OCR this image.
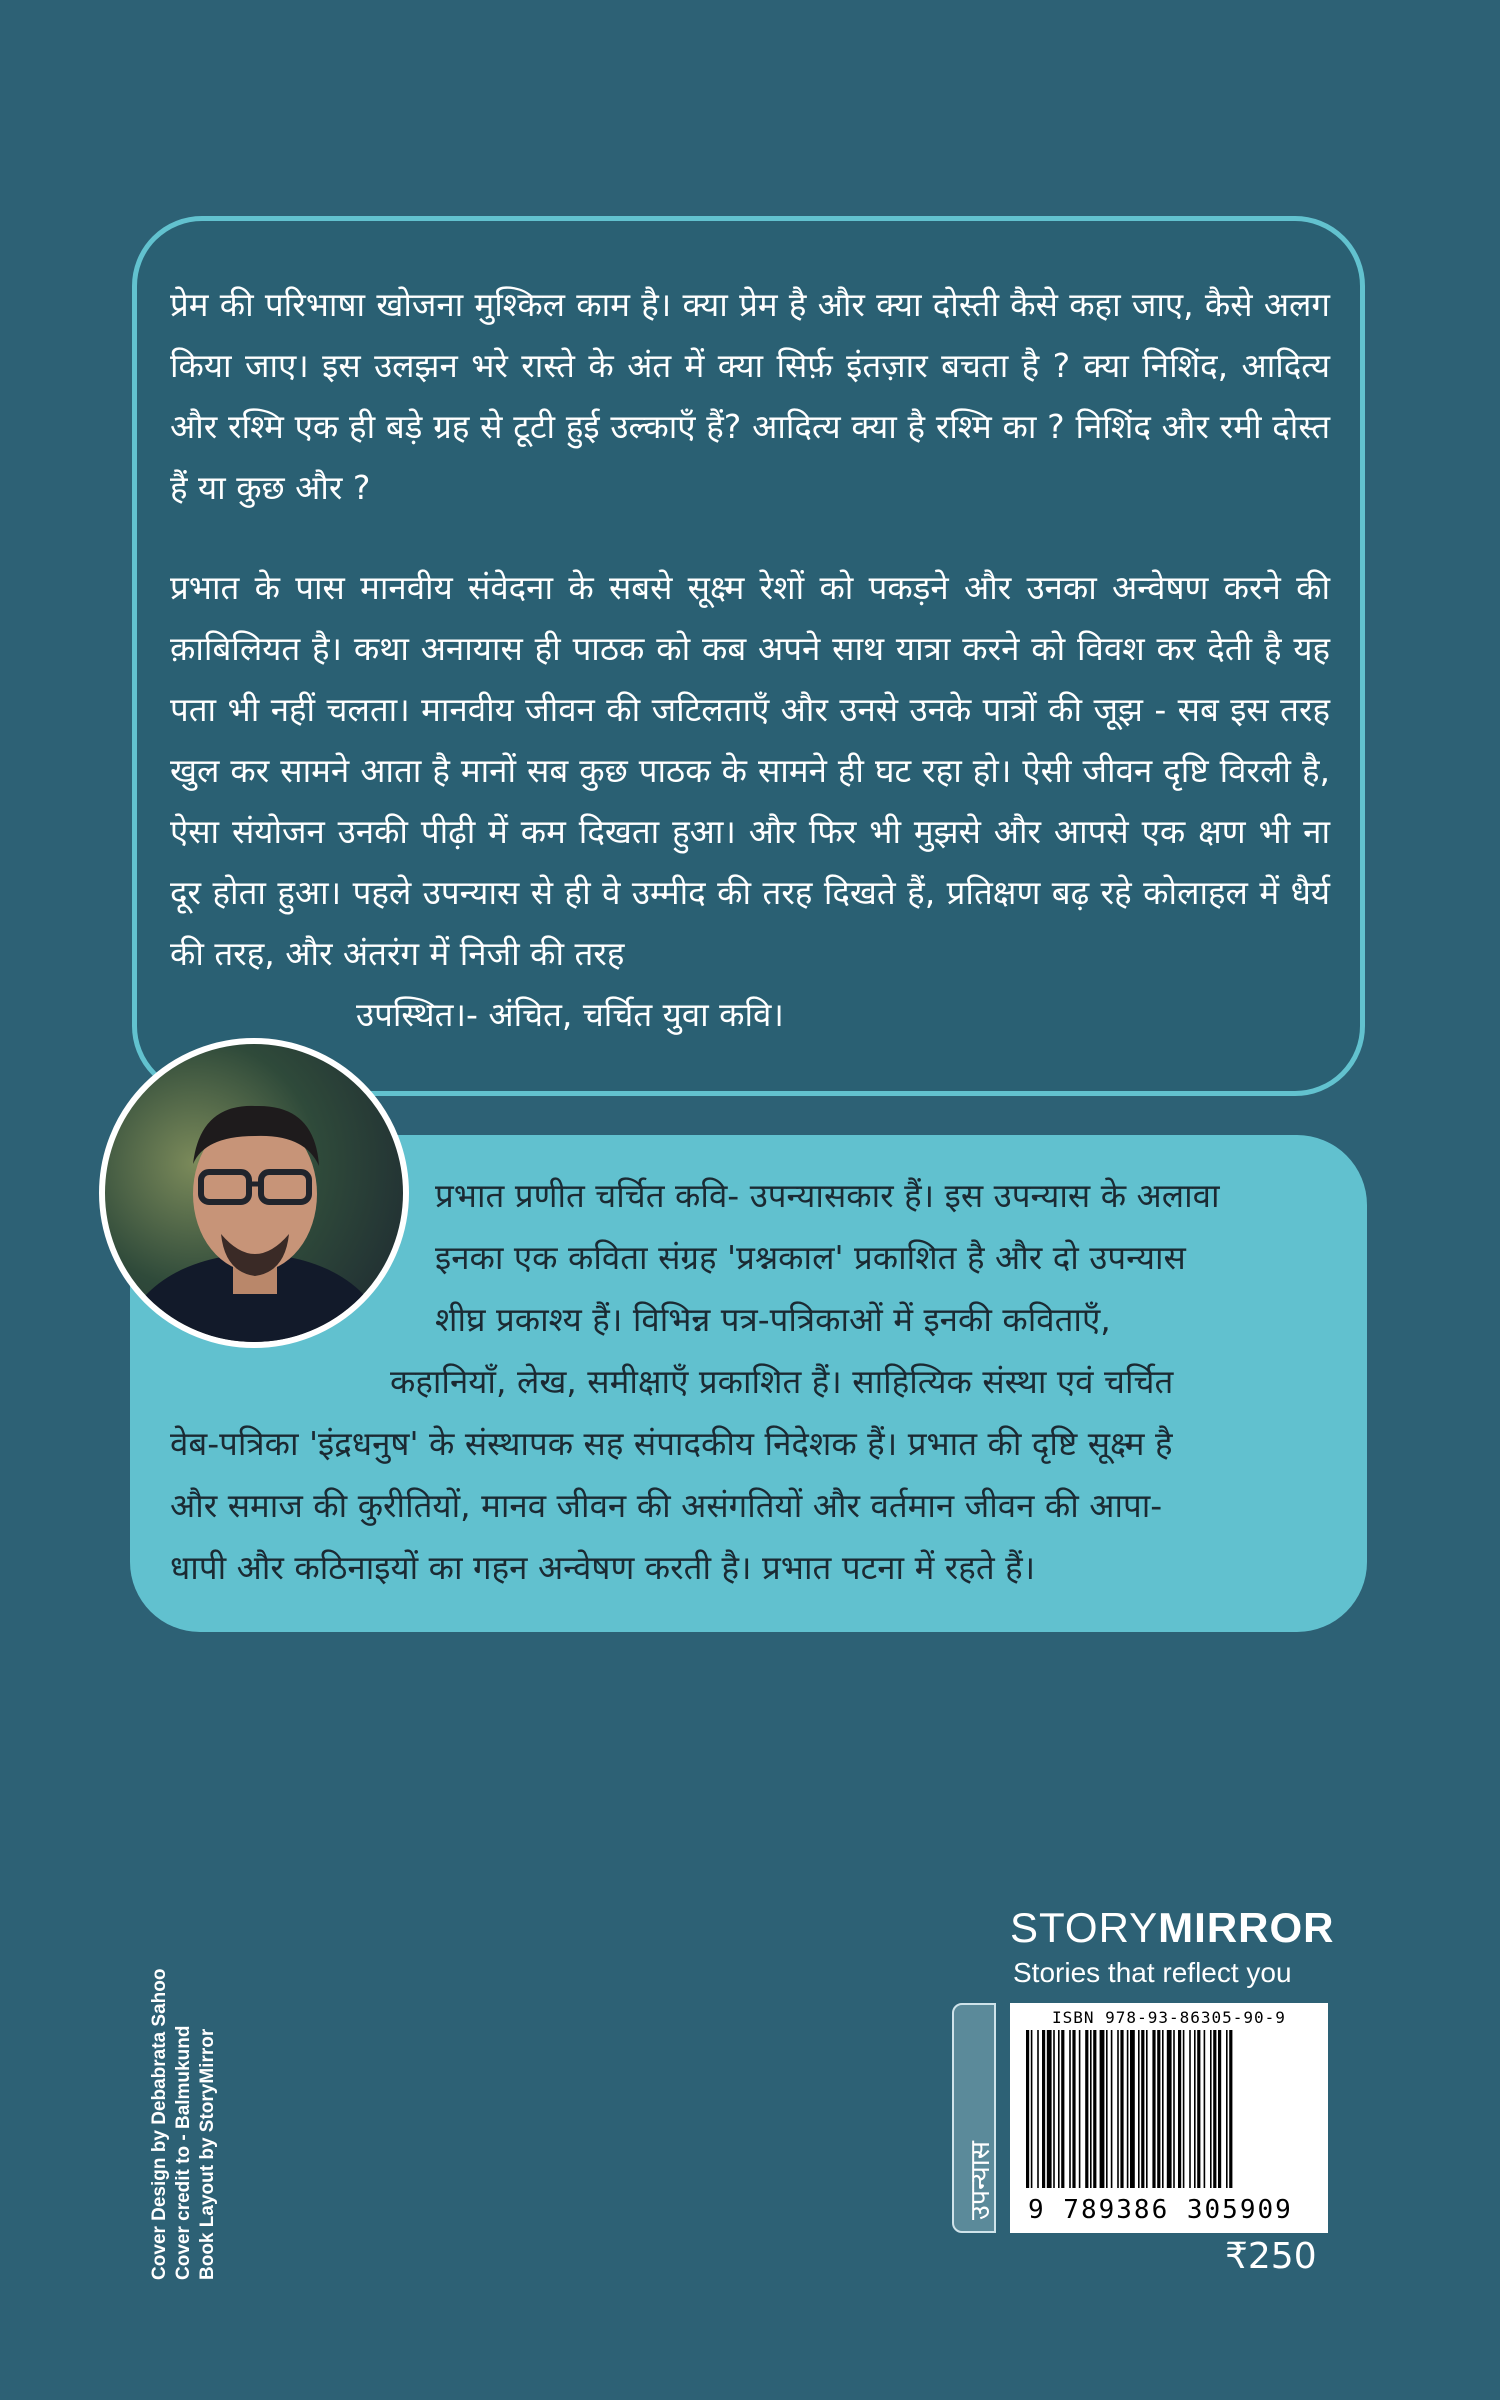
प्रेम की परिभाषा खोजना मुश्किल काम है। क्या प्रेम है और क्या दोस्ती कैसे कहा जाए, कैसे अलग किया जाए। इस उलझन भरे रास्ते के अंत में क्या सिर्फ़ इंतज़ार बचता है ? क्या निशिंद, आदित्य और रश्मि एक ही बड़े ग्रह से टूटी हुई उल्काएँ हैं? आदित्य क्या है रश्मि का ? निशिंद और रमी दोस्त हैं या कुछ और ?

प्रभात के पास मानवीय संवेदना के सबसे सूक्ष्म रेशों को पकड़ने और उनका अन्वेषण करने की क़ाबिलियत है। कथा अनायास ही पाठक को कब अपने साथ यात्रा करने को विवश कर देती है यह पता भी नहीं चलता। मानवीय जीवन की जटिलताएँ और उनसे उनके पात्रों की जूझ - सब इस तरह खुल कर सामने आता है मानों सब कुछ पाठक के सामने ही घट रहा हो। ऐसी जीवन दृष्टि विरली है, ऐसा संयोजन उनकी पीढ़ी में कम दिखता हुआ। और फिर भी मुझसे और आपसे एक क्षण भी ना दूर होता हुआ। पहले उपन्यास से ही वे उम्मीद की तरह दिखते हैं, प्रतिक्षण बढ़ रहे कोलाहल में धैर्य की तरह, और अंतरंग में निजी की तरह
उपस्थित।- अंचित, चर्चित युवा कवि।

प्रभात प्रणीत चर्चित कवि- उपन्यासकार हैं। इस उपन्यास के अलावा
इनका एक कविता संग्रह 'प्रश्नकाल' प्रकाशित है और दो उपन्यास
शीघ्र प्रकाश्य हैं। विभिन्न पत्र-पत्रिकाओं में इनकी कविताएँ,
कहानियाँ, लेख, समीक्षाएँ प्रकाशित हैं। साहित्यिक संस्था एवं चर्चित
वेब-पत्रिका 'इंद्रधनुष' के संस्थापक सह संपादकीय निदेशक हैं। प्रभात की दृष्टि सूक्ष्म है
और समाज की कुरीतियों, मानव जीवन की असंगतियों और वर्तमान जीवन की आपा-
धापी और कठिनाइयों का गहन अन्वेषण करती है। प्रभात पटना में रहते हैं।

Cover Design by Debabrata Sahoo Cover credit to - Balmukund Book Layout by StoryMirror
STORYMIRROR
Stories that reflect you
उपन्यास
ISBN 978-93-86305-90-9
9 789386 305909
₹250
